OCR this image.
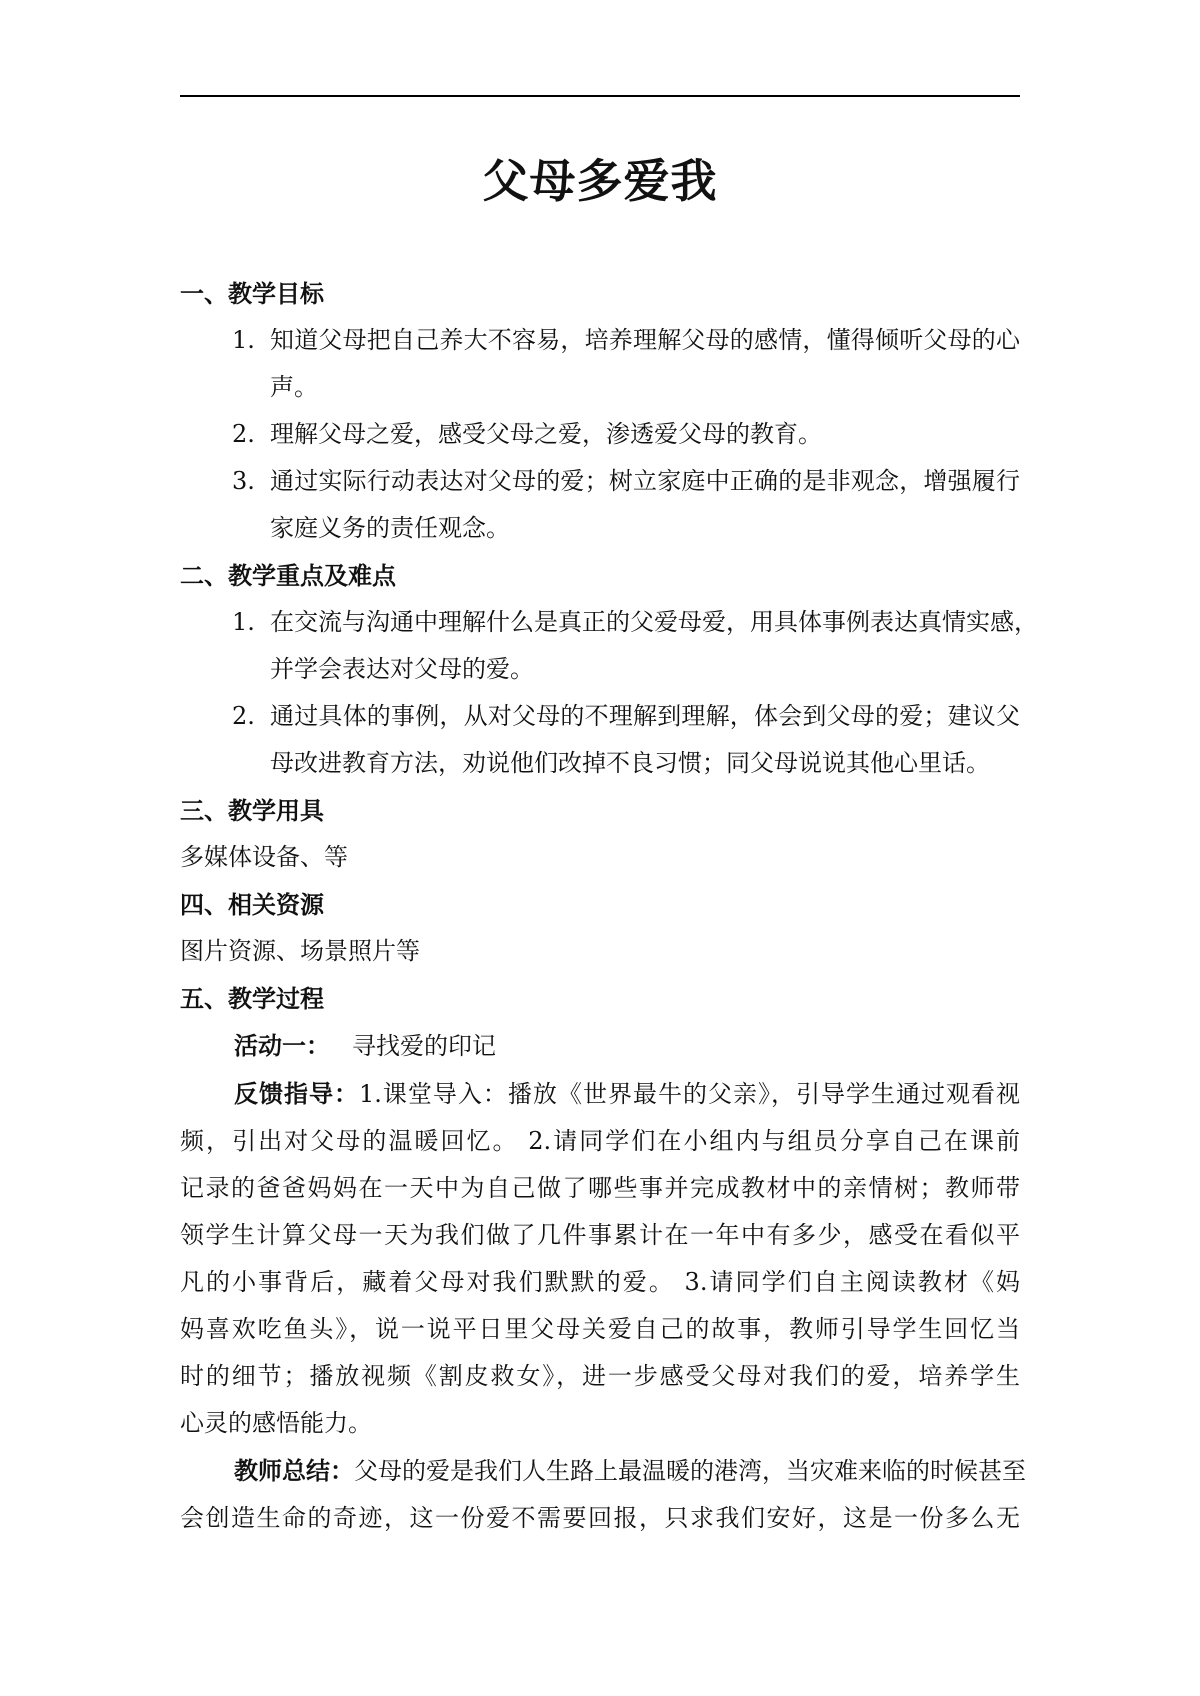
父母多爱我
一、教学目标
1. 知道父母把自己养大不容易，培养理解父母的感情，懂得倾听父母的心
声。
2. 理解父母之爱，感受父母之爱，渗透爱父母的教育。
3. 通过实际行动表达对父母的爱；树立家庭中正确的是非观念，增强履行
家庭义务的责任观念。
二、教学重点及难点
1. 在交流与沟通中理解什么是真正的父爱母爱，用具体事例表达真情实感，
并学会表达对父母的爱。
2. 通过具体的事例，从对父母的不理解到理解，体会到父母的爱；建议父
母改进教育方法，劝说他们改掉不良习惯；同父母说说其他心里话。
三、教学用具
多媒体设备、等
四、相关资源
图片资源、场景照片等
五、教学过程
活动一： 寻找爱的印记
反馈指导：1.课堂导入：播放《世界最牛的父亲》，引导学生通过观看视
频，引出对父母的温暖回忆。 2.请同学们在小组内与组员分享自己在课前
记录的爸爸妈妈在一天中为自己做了哪些事并完成教材中的亲情树；教师带
领学生计算父母一天为我们做了几件事累计在一年中有多少，感受在看似平
凡的小事背后，藏着父母对我们默默的爱。 3.请同学们自主阅读教材《妈
妈喜欢吃鱼头》，说一说平日里父母关爱自己的故事，教师引导学生回忆当
时的细节；播放视频《割皮救女》，进一步感受父母对我们的爱，培养学生
心灵的感悟能力。
教师总结：父母的爱是我们人生路上最温暖的港湾，当灾难来临的时候甚至
会创造生命的奇迹，这一份爱不需要回报，只求我们安好，这是一份多么无
